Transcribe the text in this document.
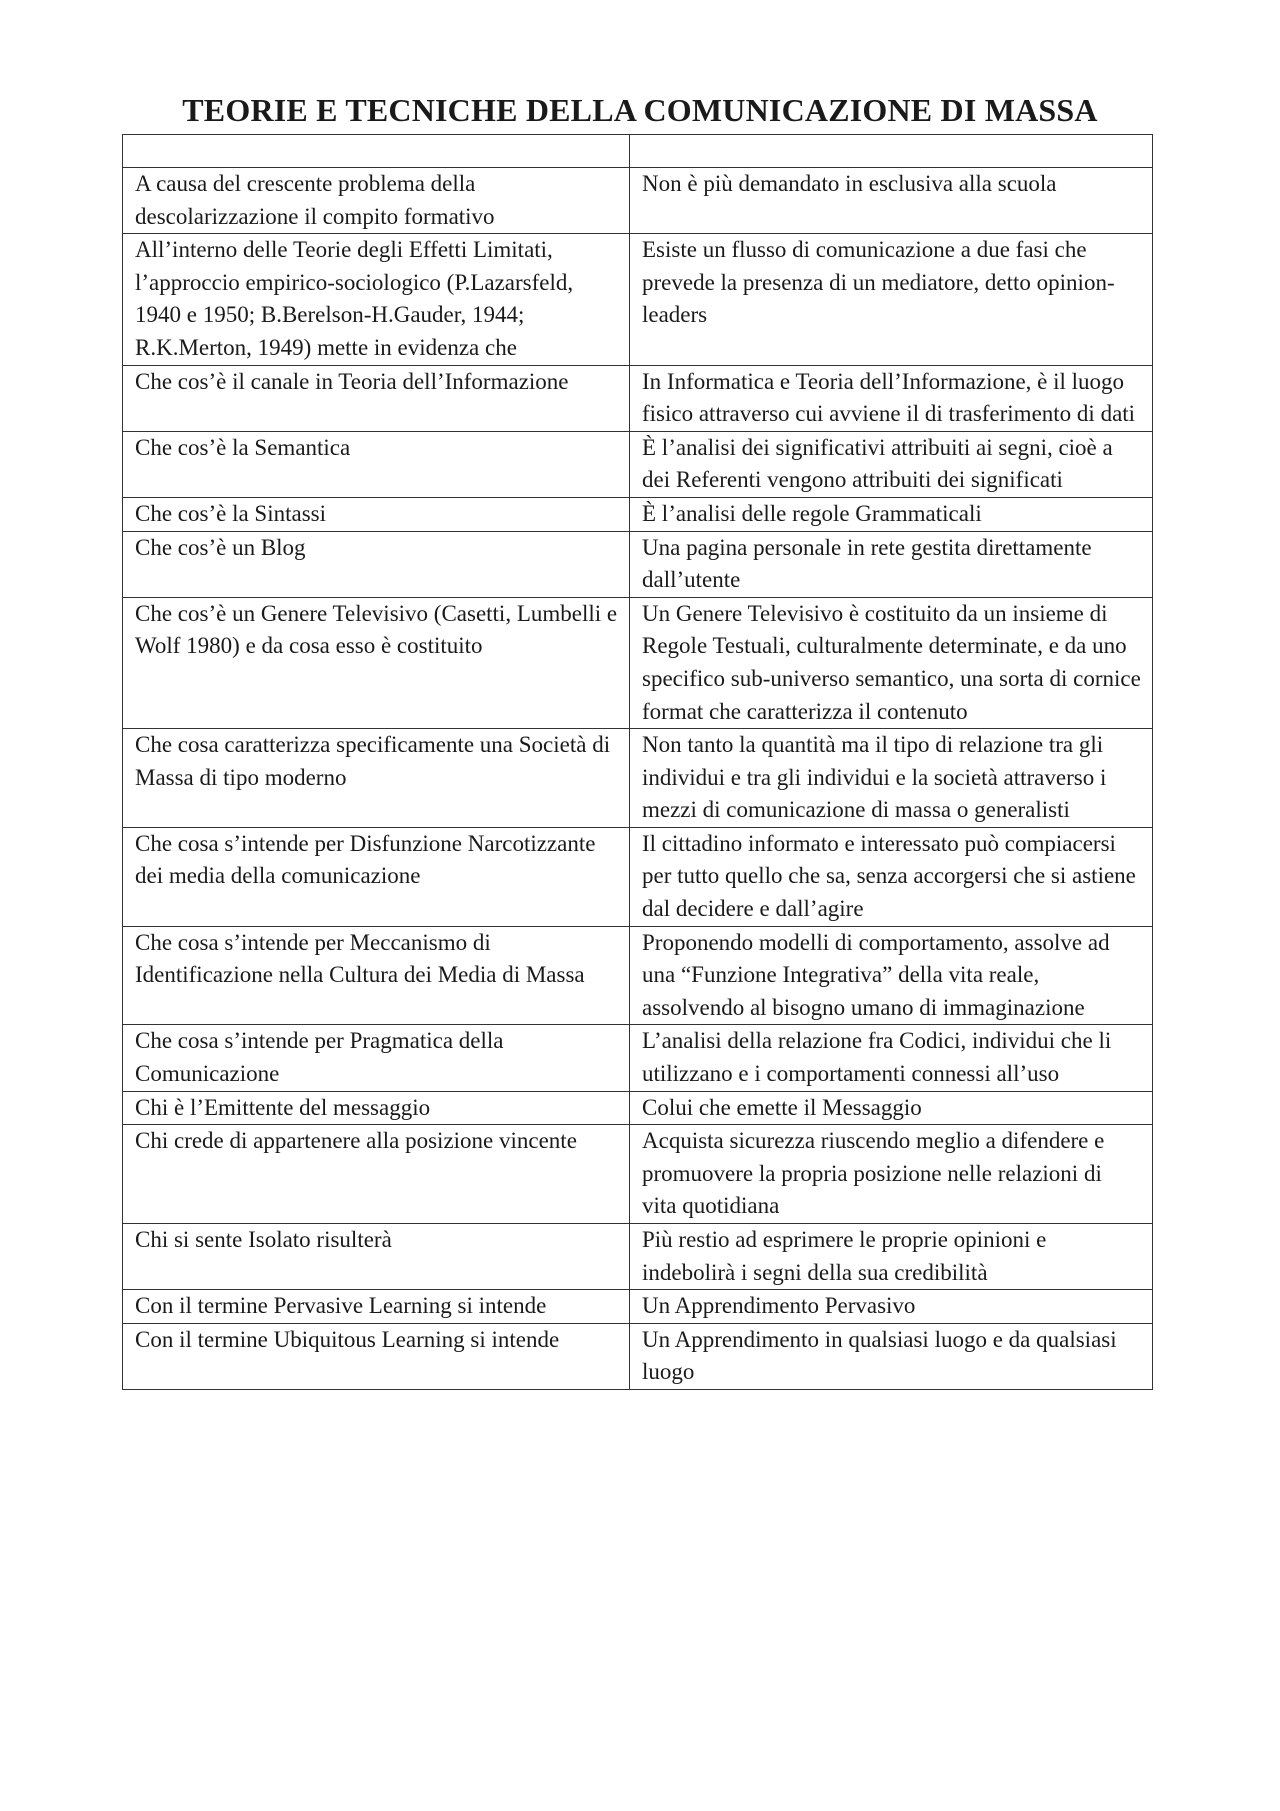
TEORIE E TECNICHE DELLA COMUNICAZIONE DI MASSA

A causa del crescente problema della descolarizzazione il compito formativo	Non è più demandato in esclusiva alla scuola
All’interno delle Teorie degli Effetti Limitati, l’approccio empirico-sociologico (P.Lazarsfeld, 1940 e 1950; B.Berelson-H.Gauder, 1944; R.K.Merton, 1949) mette in evidenza che	Esiste un flusso di comunicazione a due fasi che prevede la presenza di un mediatore, detto opinion-leaders
Che cos’è il canale in Teoria dell’Informazione	In Informatica e Teoria dell’Informazione, è il luogo fisico attraverso cui avviene il di trasferimento di dati
Che cos’è la Semantica	È l’analisi dei significativi attribuiti ai segni, cioè a dei Referenti vengono attribuiti dei significati
Che cos’è la Sintassi	È l’analisi delle regole Grammaticali
Che cos’è un Blog	Una pagina personale in rete gestita direttamente dall’utente
Che cos’è un Genere Televisivo (Casetti, Lumbelli e Wolf 1980) e da cosa esso è costituito	Un Genere Televisivo è costituito da un insieme di Regole Testuali, culturalmente determinate, e da uno specifico sub-universo semantico, una sorta di cornice format che caratterizza il contenuto
Che cosa caratterizza specificamente una Società di Massa di tipo moderno	Non tanto la quantità ma il tipo di relazione tra gli individui e tra gli individui e la società attraverso i mezzi di comunicazione di massa o generalisti
Che cosa s’intende per Disfunzione Narcotizzante dei media della comunicazione	Il cittadino informato e interessato può compiacersi per tutto quello che sa, senza accorgersi che si astiene dal decidere e dall’agire
Che cosa s’intende per Meccanismo di Identificazione nella Cultura dei Media di Massa	Proponendo modelli di comportamento, assolve ad una “Funzione Integrativa” della vita reale, assolvendo al bisogno umano di immaginazione
Che cosa s’intende per Pragmatica della Comunicazione	L’analisi della relazione fra Codici, individui che li utilizzano e i comportamenti connessi all’uso
Chi è l’Emittente del messaggio	Colui che emette il Messaggio
Chi crede di appartenere alla posizione vincente	Acquista sicurezza riuscendo meglio a difendere e promuovere la propria posizione nelle relazioni di vita quotidiana
Chi si sente Isolato risulterà	Più restio ad esprimere le proprie opinioni e indebolirà i segni della sua credibilità
Con il termine Pervasive Learning si intende	Un Apprendimento Pervasivo
Con il termine Ubiquitous Learning si intende	Un Apprendimento in qualsiasi luogo e da qualsiasi luogo
